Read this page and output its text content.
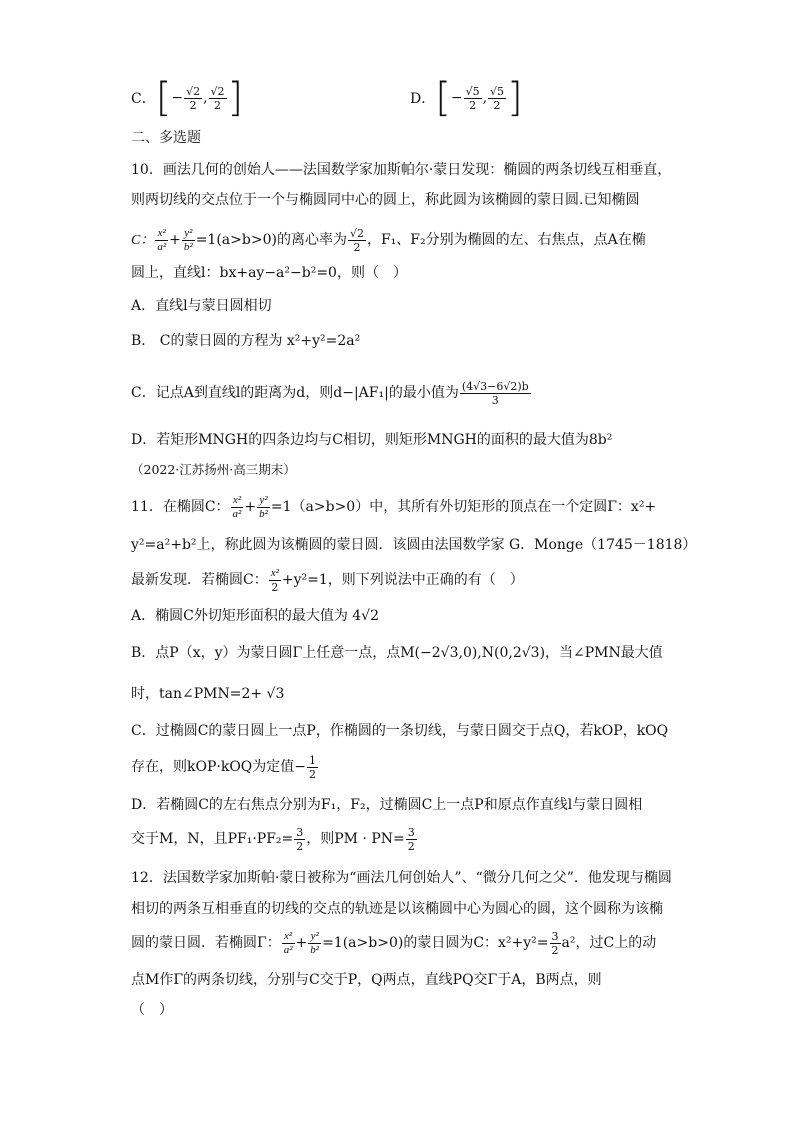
C． [ − $\frac{√2}{2}$ , $\frac{√2}{2}$ ]	D． [ − $\frac{√5}{2}$ , $\frac{√5}{2}$ ]
二、多选题
10．画法几何的创始人——法国数学家加斯帕尔·蒙日发现：椭圆的两条切线互相垂直，
则两切线的交点位于一个与椭圆同中心的圆上，称此圆为该椭圆的蒙日圆.已知椭圆
C： $\frac{\text{x²}}{\text{a²}} + \frac{\text{y²}}{\text{b²}} =1(a>b>0)$的离心率为 $\frac{√2}{2}$ ，F₁、F₂分别为椭圆的左、右焦点，点A在椭
圆上，直线l：bx+ay−a²−b²=0，则（　）
A．直线l与蒙日圆相切
B． C的蒙日圆的方程为 x²+y²=2a²
C．记点A到直线l的距离为d，则d−|AF₁|的最小值为 $\frac{(4√3-6√2)b}{3}$
D．若矩形MNGH的四条边均与C相切，则矩形MNGH的面积的最大值为8b²
（2022·江苏扬州·高三期末）
11．在椭圆C： $\frac{\text{x²}}{\text{a²}} + \frac{\text{y²}}{\text{b²}} =1(a>b>0)$中，其所有外切矩形的顶点在一个定圆Γ：x²+
y²=a²+b²上，称此圆为该椭圆的蒙日圆．该圆由法国数学家 G．Monge（1745－1818）
最新发现．若椭圆C： $\frac{\text{x²}}{2} +y^2=1$，则下列说法中正确的有（　）
A．椭圆C外切矩形面积的最大值为 4√2
B．点P（x，y）为蒙日圆Γ上任意一点，点M(−2√3,0),N(0,2√3)，当∠PMN最大值
时，tan∠PMN=2+ √3
C．过椭圆C的蒙日圆上一点P，作椭圆的一条切线，与蒙日圆交于点Q，若kOP，kOQ
存在，则kOP·kOQ为定值− $\frac{1}{2}$
D．若椭圆C的左右焦点分别为F₁，F₂，过椭圆C上一点P和原点作直线l与蒙日圆相
交于M，N，且$PF_1\cdot PF_2= \frac{3}{2}$ ，则PM · $PN= \frac{3}{2}$
12．法国数学家加斯帕·蒙日被称为“画法几何创始人”、“微分几何之父”．他发现与椭圆
相切的两条互相垂直的切线的交点的轨迹是以该椭圆中心为圆心的圆，这个圆称为该椭
圆的蒙日圆．若椭圆Γ： $\frac{\text{x²}}{\text{a²}} + \frac{\text{y²}}{\text{b²}} =1(a>b>0)$的蒙日圆为C：$x^2+y^2= \frac{3}{2} a^2$，过C上的动
点M作Γ的两条切线，分别与C交于P，Q两点，直线PQ交Γ于A，B两点，则
（　）
